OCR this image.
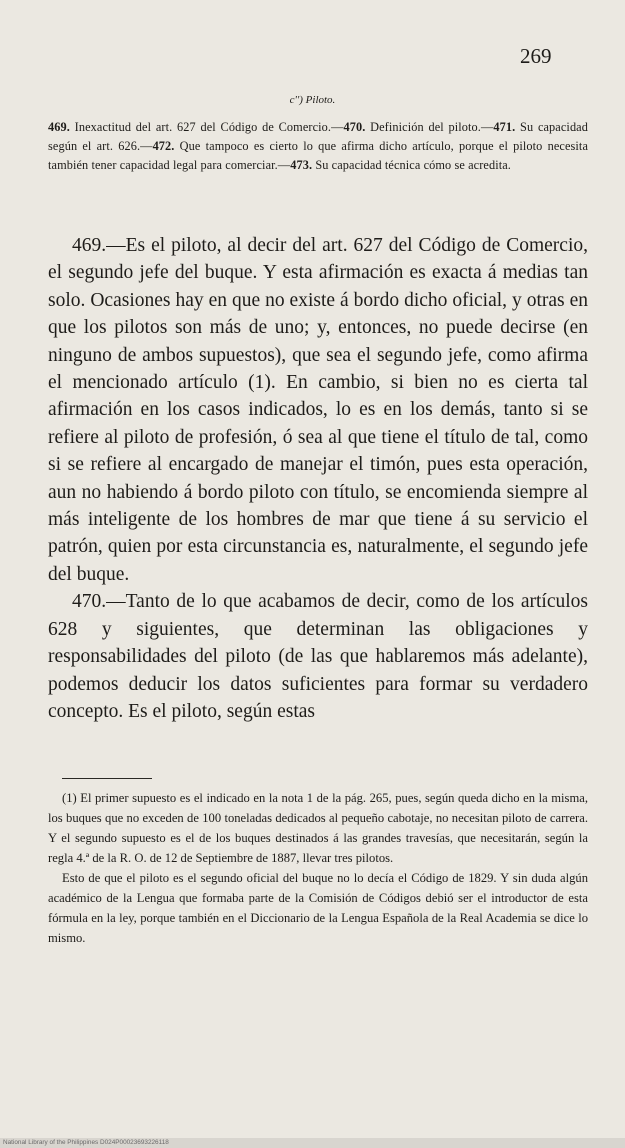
269
c'') Piloto.
469. Inexactitud del art. 627 del Código de Comercio.—470. Definición del piloto.—471. Su capacidad según el art. 626.—472. Que tampoco es cierto lo que afirma dicho artículo, porque el piloto necesita también tener capacidad legal para comerciar.—473. Su capacidad técnica cómo se acredita.

469.—Es el piloto, al decir del art. 627 del Código de Comercio, el segundo jefe del buque. Y esta afirmación es exacta á medias tan solo. Ocasiones hay en que no existe á bordo dicho oficial, y otras en que los pilotos son más de uno; y, entonces, no puede decirse (en ninguno de ambos supuestos), que sea el segundo jefe, como afirma el mencionado artículo (1). En cambio, si bien no es cierta tal afirmación en los casos indicados, lo es en los demás, tanto si se refiere al piloto de profesión, ó sea al que tiene el título de tal, como si se refiere al encargado de manejar el timón, pues esta operación, aun no habiendo á bordo piloto con título, se encomienda siempre al más inteligente de los hombres de mar que tiene á su servicio el patrón, quien por esta circunstancia es, naturalmente, el segundo jefe del buque.

470.—Tanto de lo que acabamos de decir, como de los artículos 628 y siguientes, que determinan las obligaciones y responsabilidades del piloto (de las que hablaremos más adelante), podemos deducir los datos suficientes para formar su verdadero concepto. Es el piloto, según estas

(1) El primer supuesto es el indicado en la nota 1 de la pág. 265, pues, según queda dicho en la misma, los buques que no exceden de 100 toneladas dedicados al pequeño cabotaje, no necesitan piloto de carrera. Y el segundo supuesto es el de los buques destinados á las grandes travesías, que necesitarán, según la regla 4.ª de la R. O. de 12 de Septiembre de 1887, llevar tres pilotos.

Esto de que el piloto es el segundo oficial del buque no lo decía el Código de 1829. Y sin duda algún académico de la Lengua que formaba parte de la Comisión de Códigos debió ser el introductor de esta fórmula en la ley, porque también en el Diccionario de la Lengua Española de la Real Academia se dice lo mismo.

National Library of the Philippines D024P00023693226118
